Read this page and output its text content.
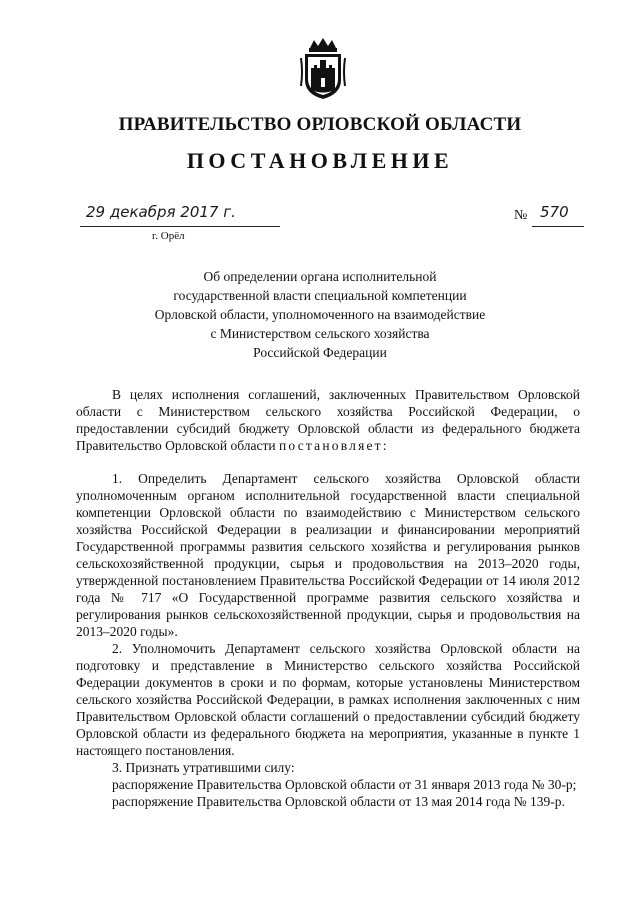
ПРАВИТЕЛЬСТВО ОРЛОВСКОЙ ОБЛАСТИ
ПОСТАНОВЛЕНИЕ
29 декабря 2017 г.
г. Орёл
№ 570
Об определении органа исполнительной
государственной власти специальной компетенции
Орловской области, уполномоченного на взаимодействие
с Министерством сельского хозяйства
Российской Федерации

В целях исполнения соглашений, заключенных Правительством Орловской области с Министерством сельского хозяйства Российской Федерации, о предоставлении субсидий бюджету Орловской области из федерального бюджета Правительство Орловской области постановляет:

1. Определить Департамент сельского хозяйства Орловской области уполномоченным органом исполнительной государственной власти специальной компетенции Орловской области по взаимодействию с Министерством сельского хозяйства Российской Федерации в реализации и финансировании мероприятий Государственной программы развития сельского хозяйства и регулирования рынков сельскохозяйственной продукции, сырья и продовольствия на 2013–2020 годы, утвержденной постановлением Правительства Российской Федерации от 14 июля 2012 года № 717 «О Государственной программе развития сельского хозяйства и регулирования рынков сельскохозяйственной продукции, сырья и продовольствия на 2013–2020 годы».

2. Уполномочить Департамент сельского хозяйства Орловской области на подготовку и представление в Министерство сельского хозяйства Российской Федерации документов в сроки и по формам, которые установлены Министерством сельского хозяйства Российской Федерации, в рамках исполнения заключенных с ним Правительством Орловской области соглашений о предоставлении субсидий бюджету Орловской области из федерального бюджета на мероприятия, указанные в пункте 1 настоящего постановления.

3. Признать утратившими силу:

распоряжение Правительства Орловской области от 31 января 2013 года № 30-р;

распоряжение Правительства Орловской области от 13 мая 2014 года № 139-р.
